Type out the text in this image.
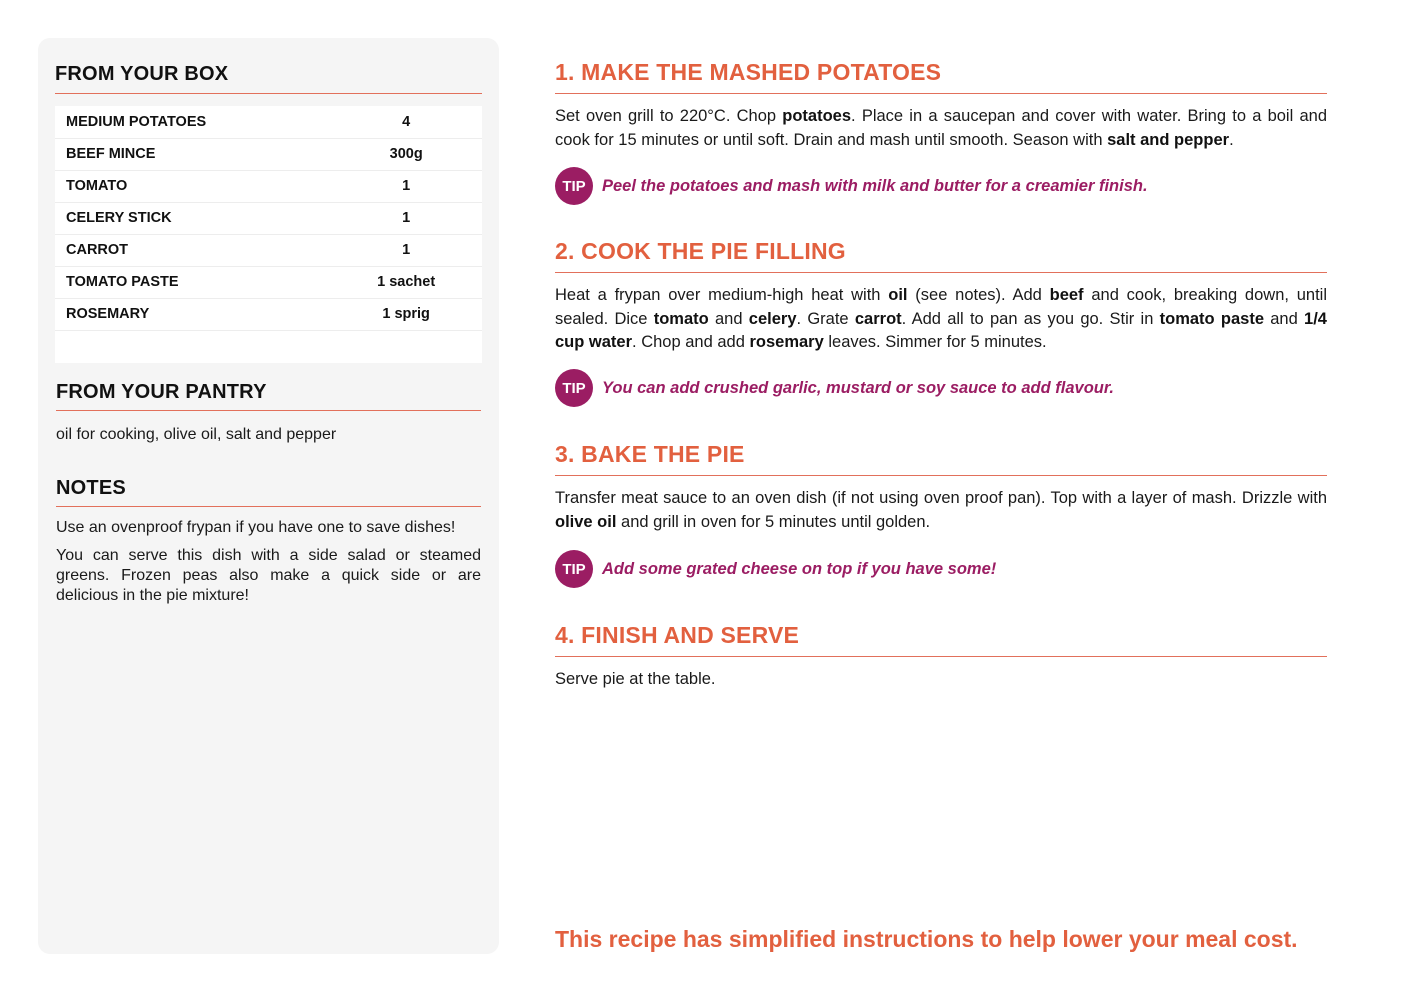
FROM YOUR BOX
MEDIUM POTATOES	4
BEEF MINCE	300g
TOMATO	1
CELERY STICK	1
CARROT	1
TOMATO PASTE	1 sachet
ROSEMARY	1 sprig

FROM YOUR PANTRY
oil for cooking, olive oil, salt and pepper
NOTES

Use an ovenproof frypan if you have one to save dishes!

You can serve this dish with a side salad or steamed greens. Frozen peas also make a quick side or are delicious in the pie mixture!

1. MAKE THE MASHED POTATOES

Set oven grill to 220°C. Chop potatoes. Place in a saucepan and cover with water. Bring to a boil and cook for 15 minutes or until soft. Drain and mash until smooth. Season with salt and pepper.

TIP Peel the potatoes and mash with milk and butter for a creamier finish.
2. COOK THE PIE FILLING

Heat a frypan over medium-high heat with oil (see notes). Add beef and cook, breaking down, until sealed. Dice tomato and celery. Grate carrot. Add all to pan as you go. Stir in tomato paste and 1/4 cup water. Chop and add rosemary leaves. Simmer for 5 minutes.

TIP You can add crushed garlic, mustard or soy sauce to add flavour.
3. BAKE THE PIE

Transfer meat sauce to an oven dish (if not using oven proof pan). Top with a layer of mash. Drizzle with olive oil and grill in oven for 5 minutes until golden.

TIP Add some grated cheese on top if you have some!
4. FINISH AND SERVE

Serve pie at the table.

This recipe has simplified instructions to help lower your meal cost.
